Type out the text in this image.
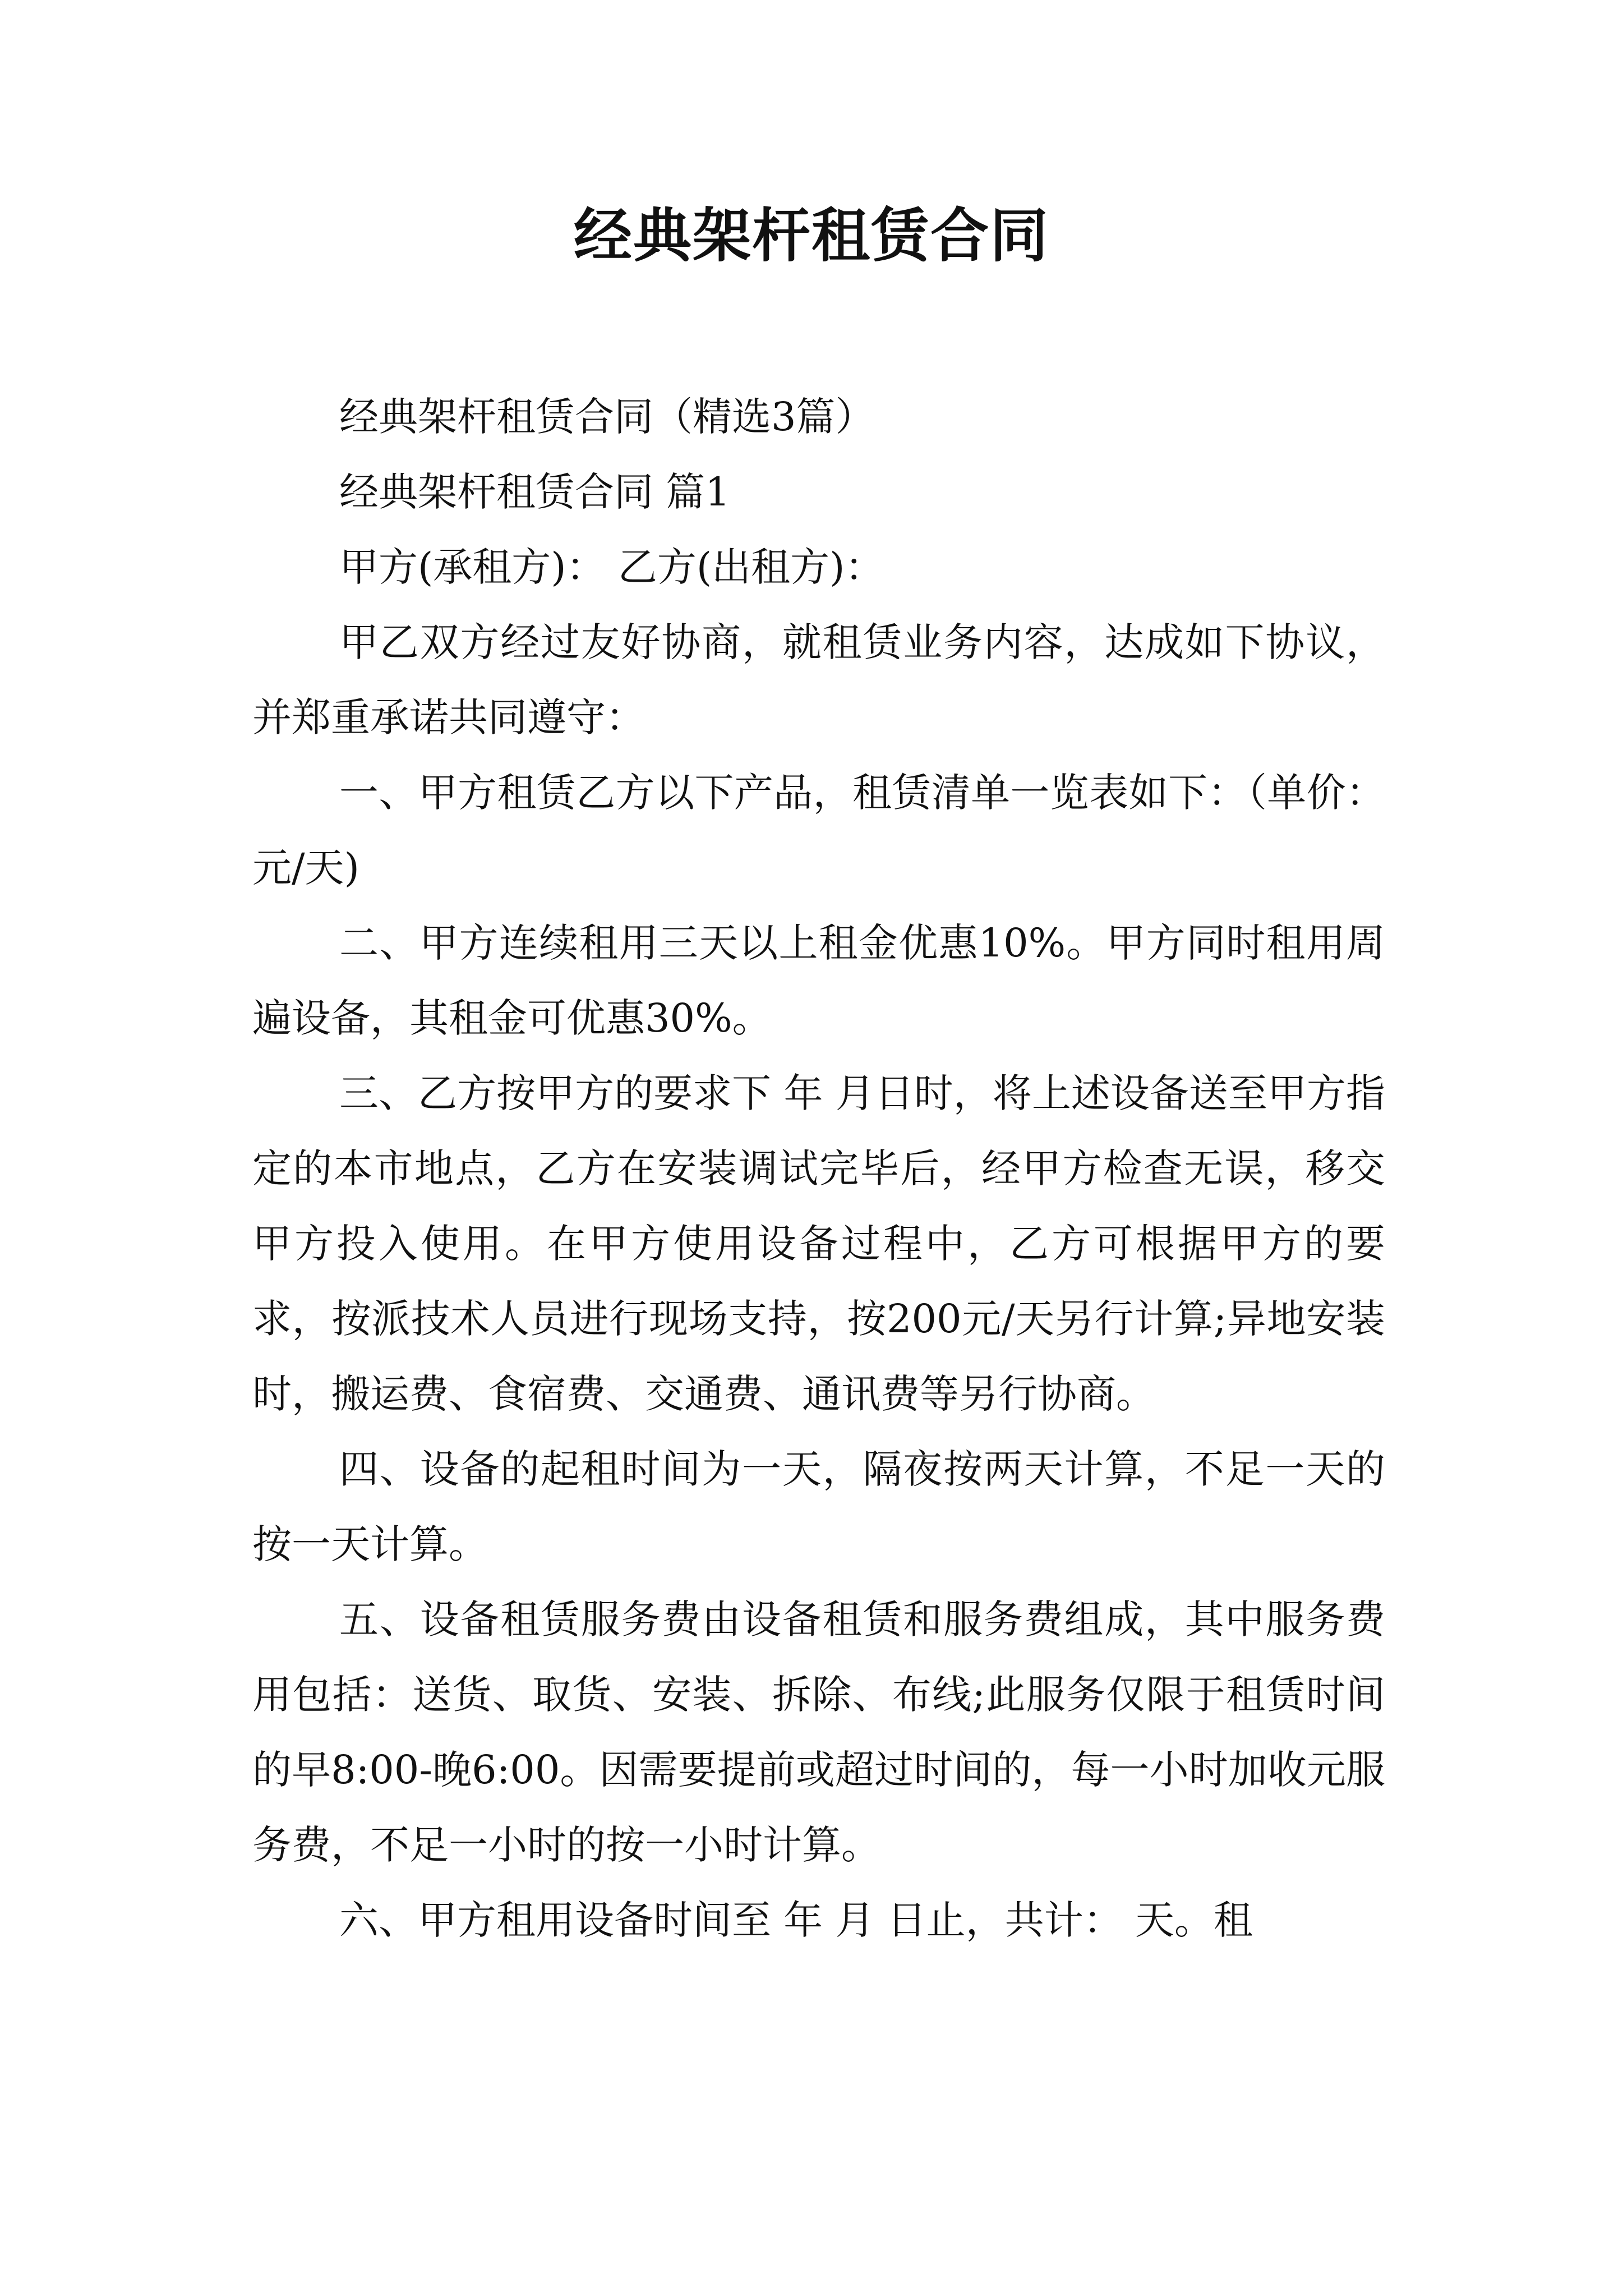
经典架杆租赁合同

经典架杆租赁合同（精选3篇）

经典架杆租赁合同 篇1

甲方(承租方)： 乙方(出租方)：

甲乙双方经过友好协商，就租赁业务内容，达成如下协议，并郑重承诺共同遵守：

一、甲方租赁乙方以下产品，租赁清单一览表如下：（单价：元/天)

二、甲方连续租用三天以上租金优惠10%。甲方同时租用周遍设备，其租金可优惠30%。

三、乙方按甲方的要求下 年 月日时，将上述设备送至甲方指定的本市地点，乙方在安装调试完毕后，经甲方检查无误，移交甲方投入使用。在甲方使用设备过程中，乙方可根据甲方的要求，按派技术人员进行现场支持，按200元/天另行计算;异地安装时，搬运费、食宿费、交通费、通讯费等另行协商。

四、设备的起租时间为一天，隔夜按两天计算，不足一天的按一天计算。

五、设备租赁服务费由设备租赁和服务费组成，其中服务费用包括：送货、取货、安装、拆除、布线;此服务仅限于租赁时间的早8:00-晚6:00。因需要提前或超过时间的，每一小时加收元服务费，不足一小时的按一小时计算。

六、甲方租用设备时间至 年 月 日止，共计： 天。租
